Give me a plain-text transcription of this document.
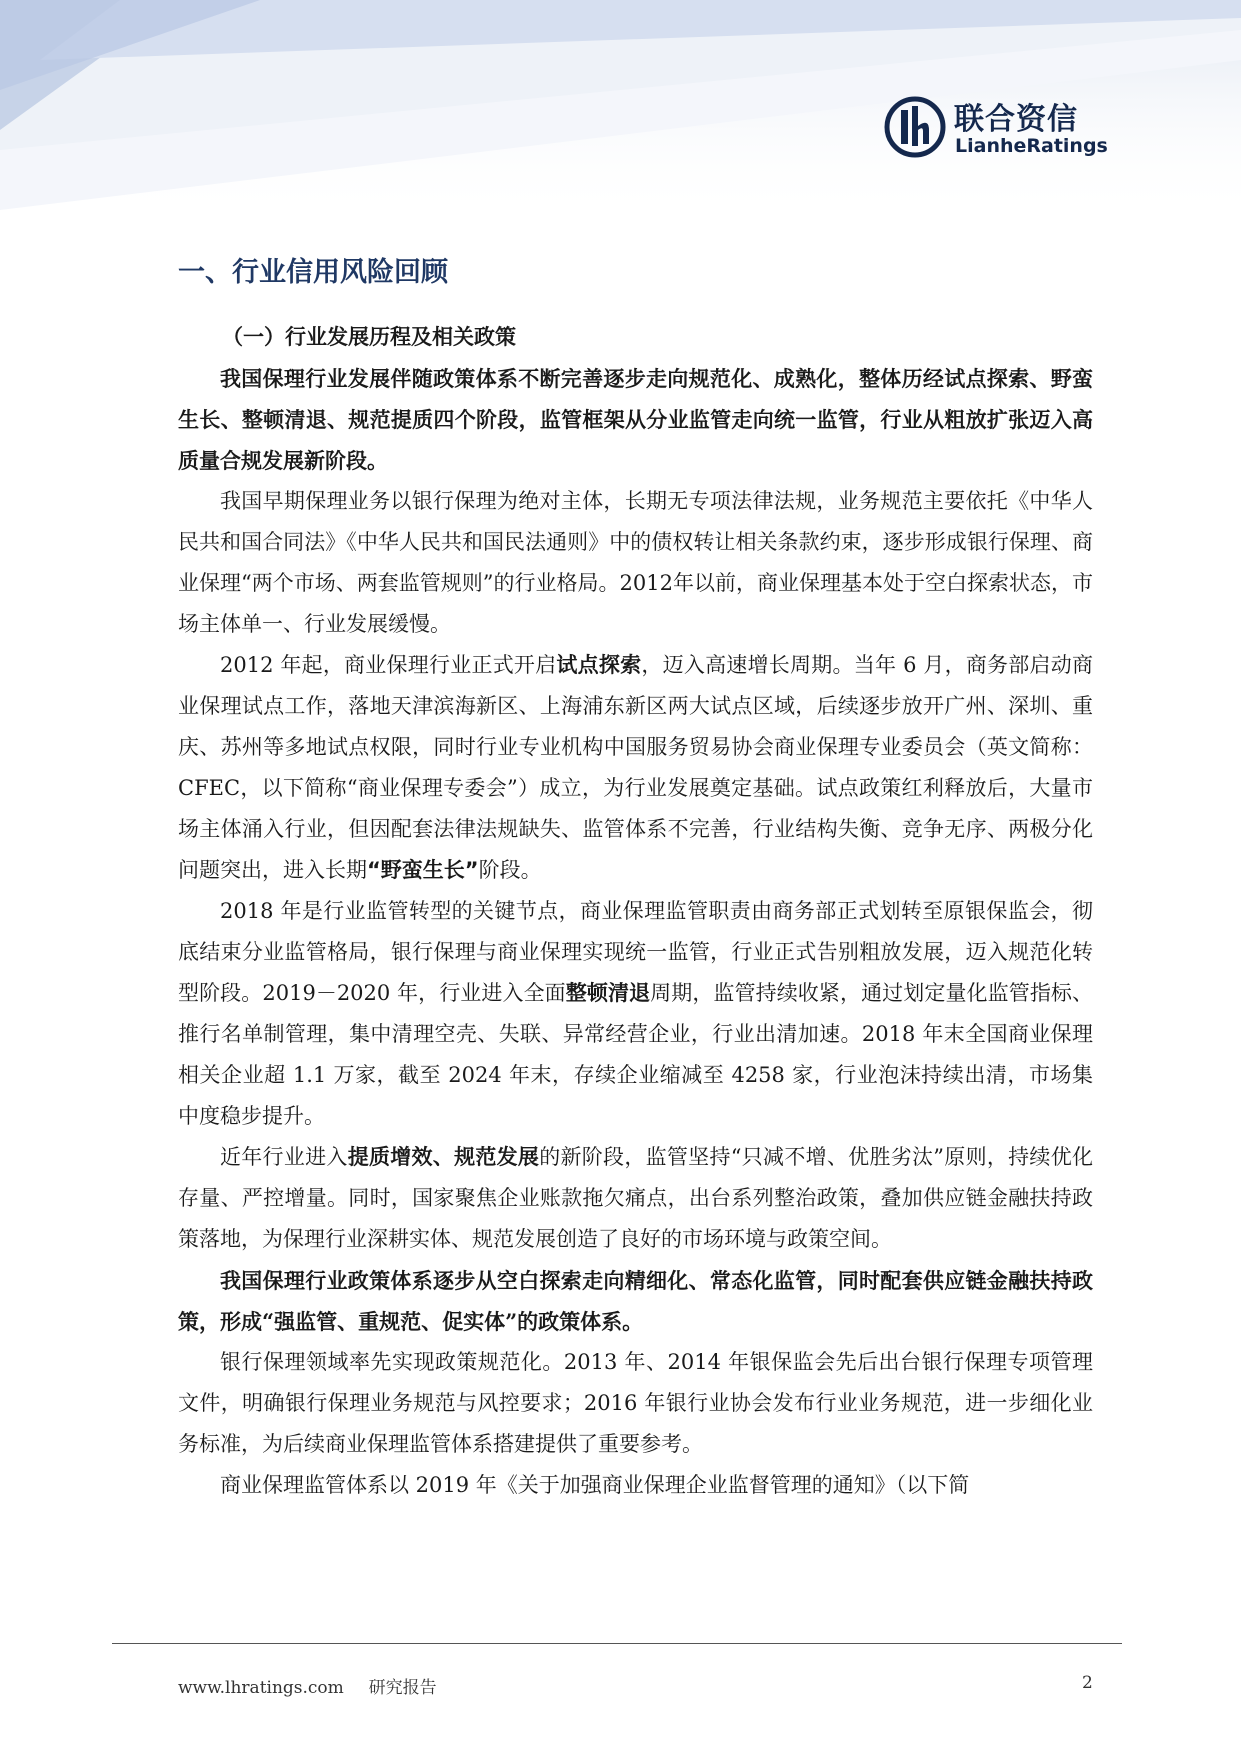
联合资信
LianheRatings
一、行业信用风险回顾
（一）行业发展历程及相关政策

我国保理行业发展伴随政策体系不断完善逐步走向规范化、成熟化，整体历经试点探索、野蛮生长、整顿清退、规范提质四个阶段，监管框架从分业监管走向统一监管，行业从粗放扩张迈入高质量合规发展新阶段。

我国早期保理业务以银行保理为绝对主体，长期无专项法律法规，业务规范主要依托《中华人民共和国合同法》《中华人民共和国民法通则》中的债权转让相关条款约束，逐步形成银行保理、商业保理“两个市场、两套监管规则”的行业格局。2012年以前，商业保理基本处于空白探索状态，市场主体单一、行业发展缓慢。

2012 年起，商业保理行业正式开启试点探索，迈入高速增长周期。当年 6 月，商务部启动商业保理试点工作，落地天津滨海新区、上海浦东新区两大试点区域，后续逐步放开广州、深圳、重庆、苏州等多地试点权限，同时行业专业机构中国服务贸易协会商业保理专业委员会（英文简称：CFEC，以下简称“商业保理专委会”）成立，为行业发展奠定基础。试点政策红利释放后，大量市场主体涌入行业，但因配套法律法规缺失、监管体系不完善，行业结构失衡、竞争无序、两极分化问题突出，进入长期“野蛮生长”阶段。

2018 年是行业监管转型的关键节点，商业保理监管职责由商务部正式划转至原银保监会，彻底结束分业监管格局，银行保理与商业保理实现统一监管，行业正式告别粗放发展，迈入规范化转型阶段。2019－2020 年，行业进入全面整顿清退周期，监管持续收紧，通过划定量化监管指标、推行名单制管理，集中清理空壳、失联、异常经营企业，行业出清加速。2018 年末全国商业保理相关企业超 1.1 万家，截至 2024 年末，存续企业缩减至 4258 家，行业泡沫持续出清，市场集中度稳步提升。

近年行业进入提质增效、规范发展的新阶段，监管坚持“只减不增、优胜劣汰”原则，持续优化存量、严控增量。同时，国家聚焦企业账款拖欠痛点，出台系列整治政策，叠加供应链金融扶持政策落地，为保理行业深耕实体、规范发展创造了良好的市场环境与政策空间。

我国保理行业政策体系逐步从空白探索走向精细化、常态化监管，同时配套供应链金融扶持政策，形成“强监管、重规范、促实体”的政策体系。

银行保理领域率先实现政策规范化。2013 年、2014 年银保监会先后出台银行保理专项管理文件，明确银行保理业务规范与风控要求；2016 年银行业协会发布行业业务规范，进一步细化业务标准，为后续商业保理监管体系搭建提供了重要参考。

商业保理监管体系以 2019 年《关于加强商业保理企业监督管理的通知》（以下简

www.lhratings.com 研究报告	2
